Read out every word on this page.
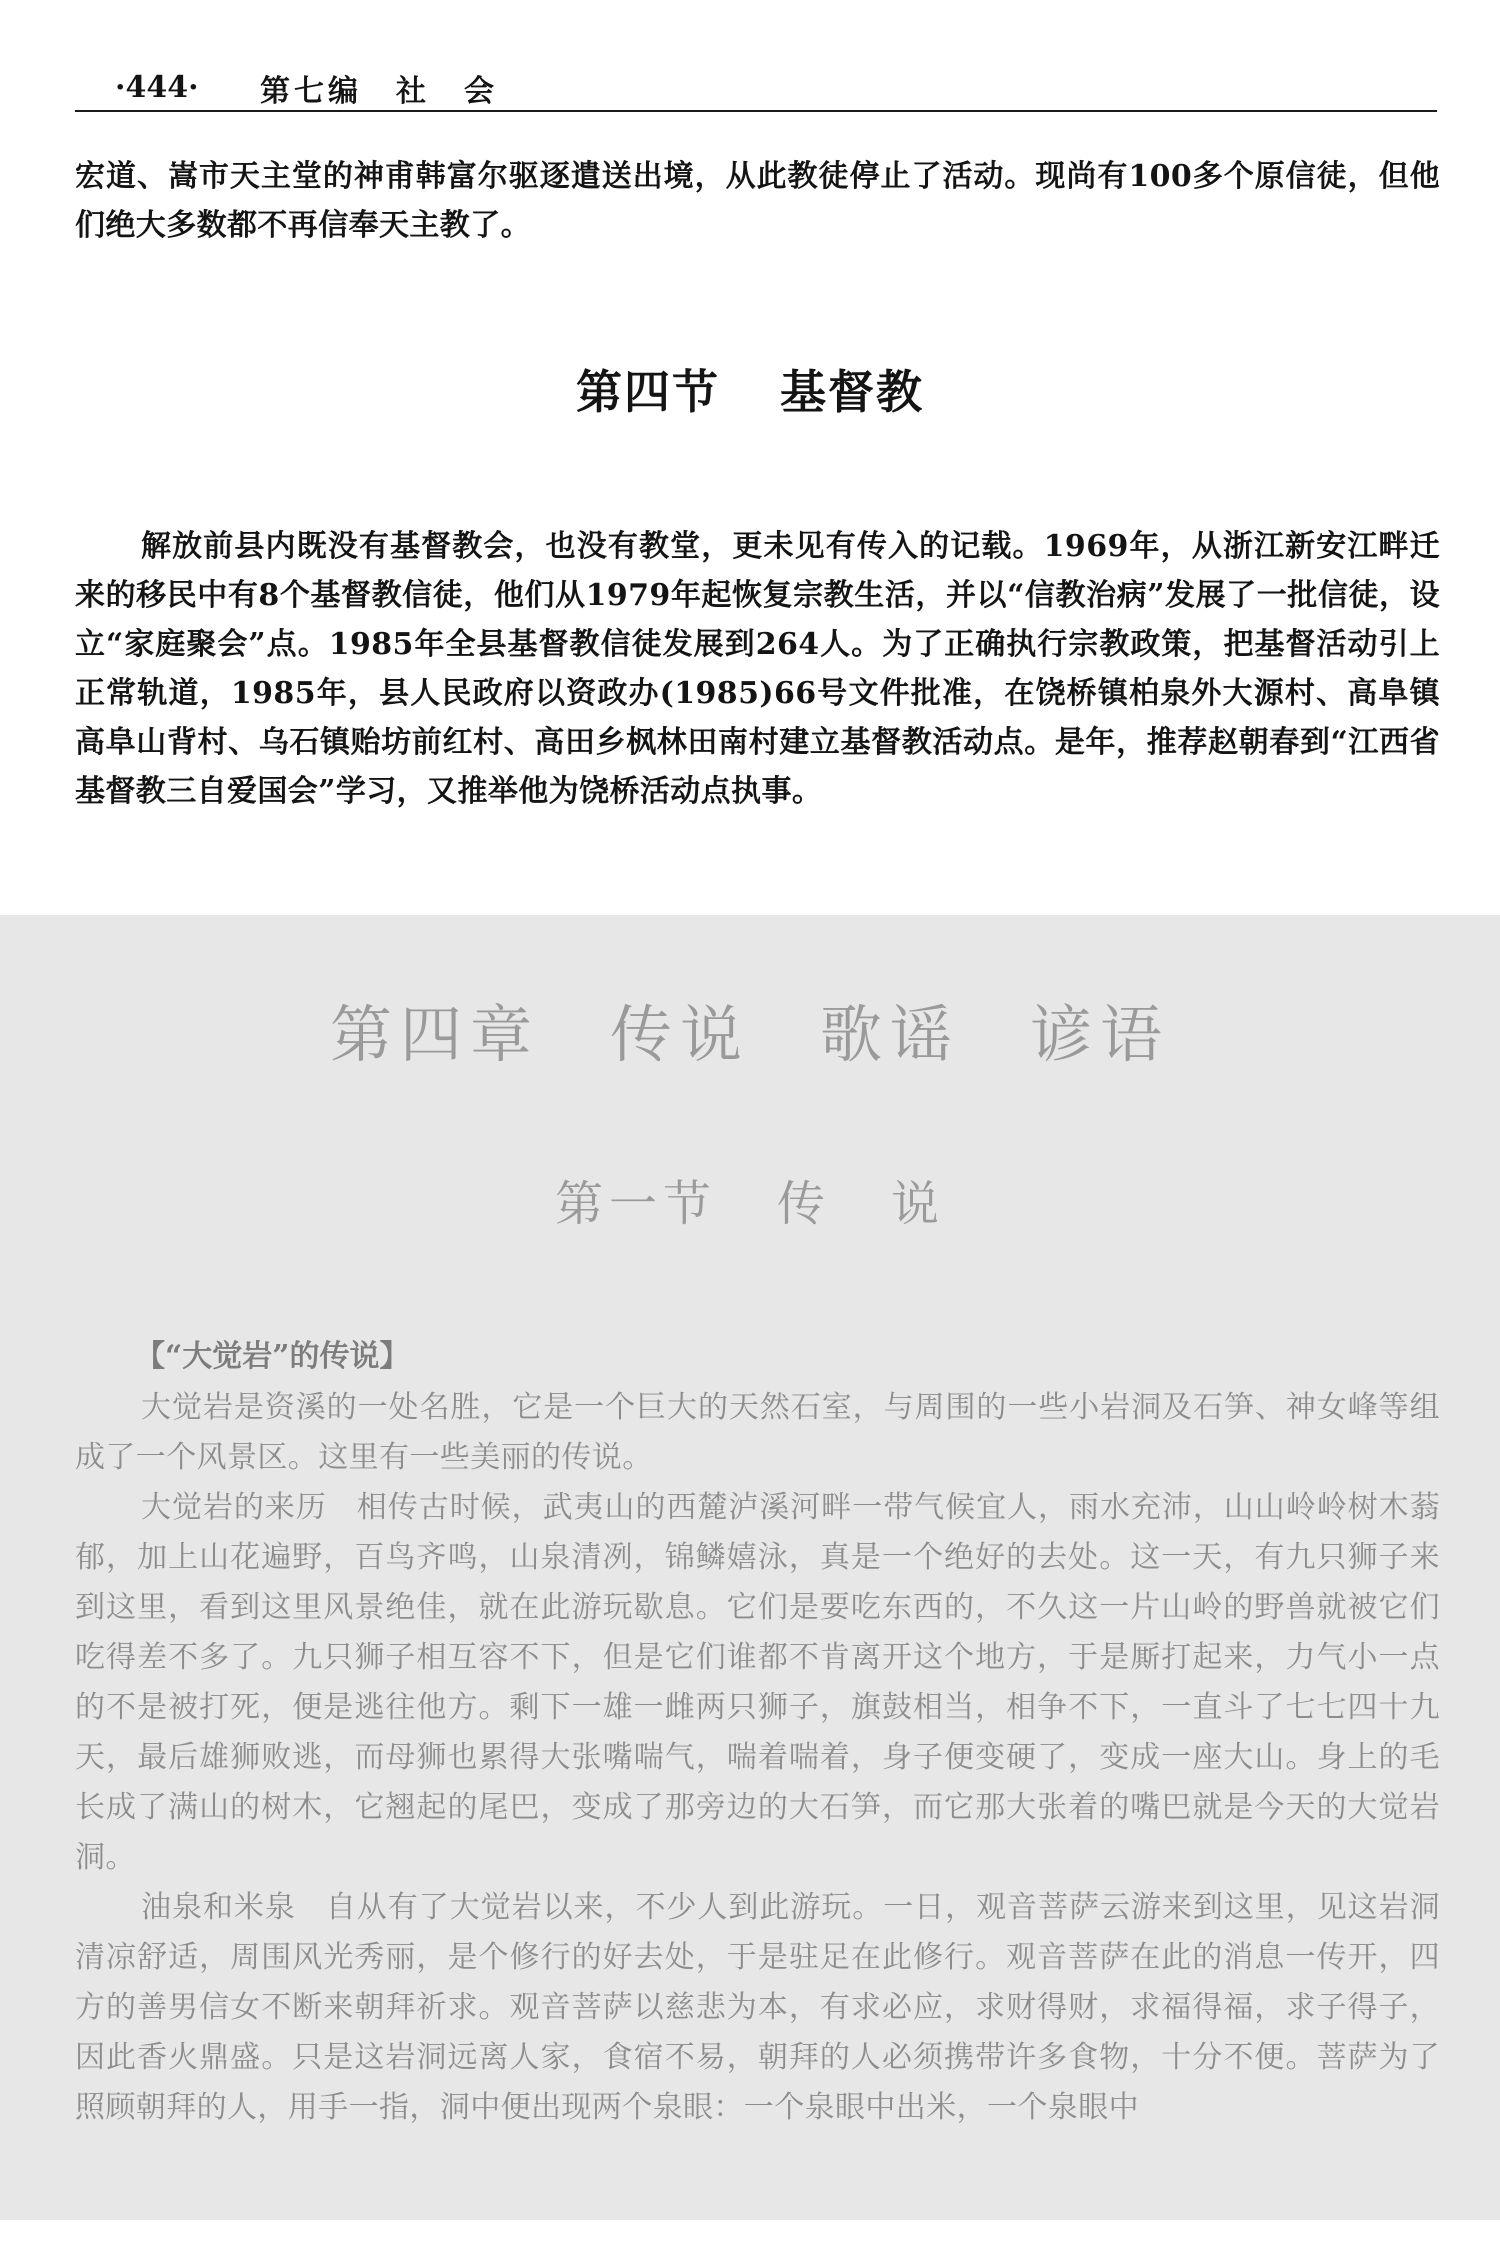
·444· 第七编 社 会

宏道、嵩市天主堂的神甫韩富尔驱逐遣送出境，从此教徒停止了活动。现尚有100多个原信徒，但他们绝大多数都不再信奉天主教了。

第四节 基督教

解放前县内既没有基督教会，也没有教堂，更未见有传入的记载。1969年，从浙江新安江畔迁来的移民中有8个基督教信徒，他们从1979年起恢复宗教生活，并以“信教治病”发展了一批信徒，设立“家庭聚会”点。1985年全县基督教信徒发展到264人。为了正确执行宗教政策，把基督活动引上正常轨道，1985年，县人民政府以资政办(1985)66号文件批准，在饶桥镇柏泉外大源村、高阜镇高阜山背村、乌石镇贻坊前红村、高田乡枫林田南村建立基督教活动点。是年，推荐赵朝春到“江西省基督教三自爱国会”学习，又推举他为饶桥活动点执事。

第四章 传说 歌谣 谚语
第一节 传 说
【“大觉岩”的传说】

大觉岩是资溪的一处名胜，它是一个巨大的天然石室，与周围的一些小岩洞及石笋、神女峰等组成了一个风景区。这里有一些美丽的传说。

大觉岩的来历 相传古时候，武夷山的西麓泸溪河畔一带气候宜人，雨水充沛，山山岭岭树木蓊郁，加上山花遍野，百鸟齐鸣，山泉清冽，锦鳞嬉泳，真是一个绝好的去处。这一天，有九只狮子来到这里，看到这里风景绝佳，就在此游玩歇息。它们是要吃东西的，不久这一片山岭的野兽就被它们吃得差不多了。九只狮子相互容不下，但是它们谁都不肯离开这个地方，于是厮打起来，力气小一点的不是被打死，便是逃往他方。剩下一雄一雌两只狮子，旗鼓相当，相争不下，一直斗了七七四十九天，最后雄狮败逃，而母狮也累得大张嘴喘气，喘着喘着，身子便变硬了，变成一座大山。身上的毛长成了满山的树木，它翘起的尾巴，变成了那旁边的大石笋，而它那大张着的嘴巴就是今天的大觉岩洞。

油泉和米泉 自从有了大觉岩以来，不少人到此游玩。一日，观音菩萨云游来到这里，见这岩洞清凉舒适，周围风光秀丽，是个修行的好去处，于是驻足在此修行。观音菩萨在此的消息一传开，四方的善男信女不断来朝拜祈求。观音菩萨以慈悲为本，有求必应，求财得财，求福得福，求子得子，因此香火鼎盛。只是这岩洞远离人家，食宿不易，朝拜的人必须携带许多食物，十分不便。菩萨为了照顾朝拜的人，用手一指，洞中便出现两个泉眼：一个泉眼中出米，一个泉眼中
